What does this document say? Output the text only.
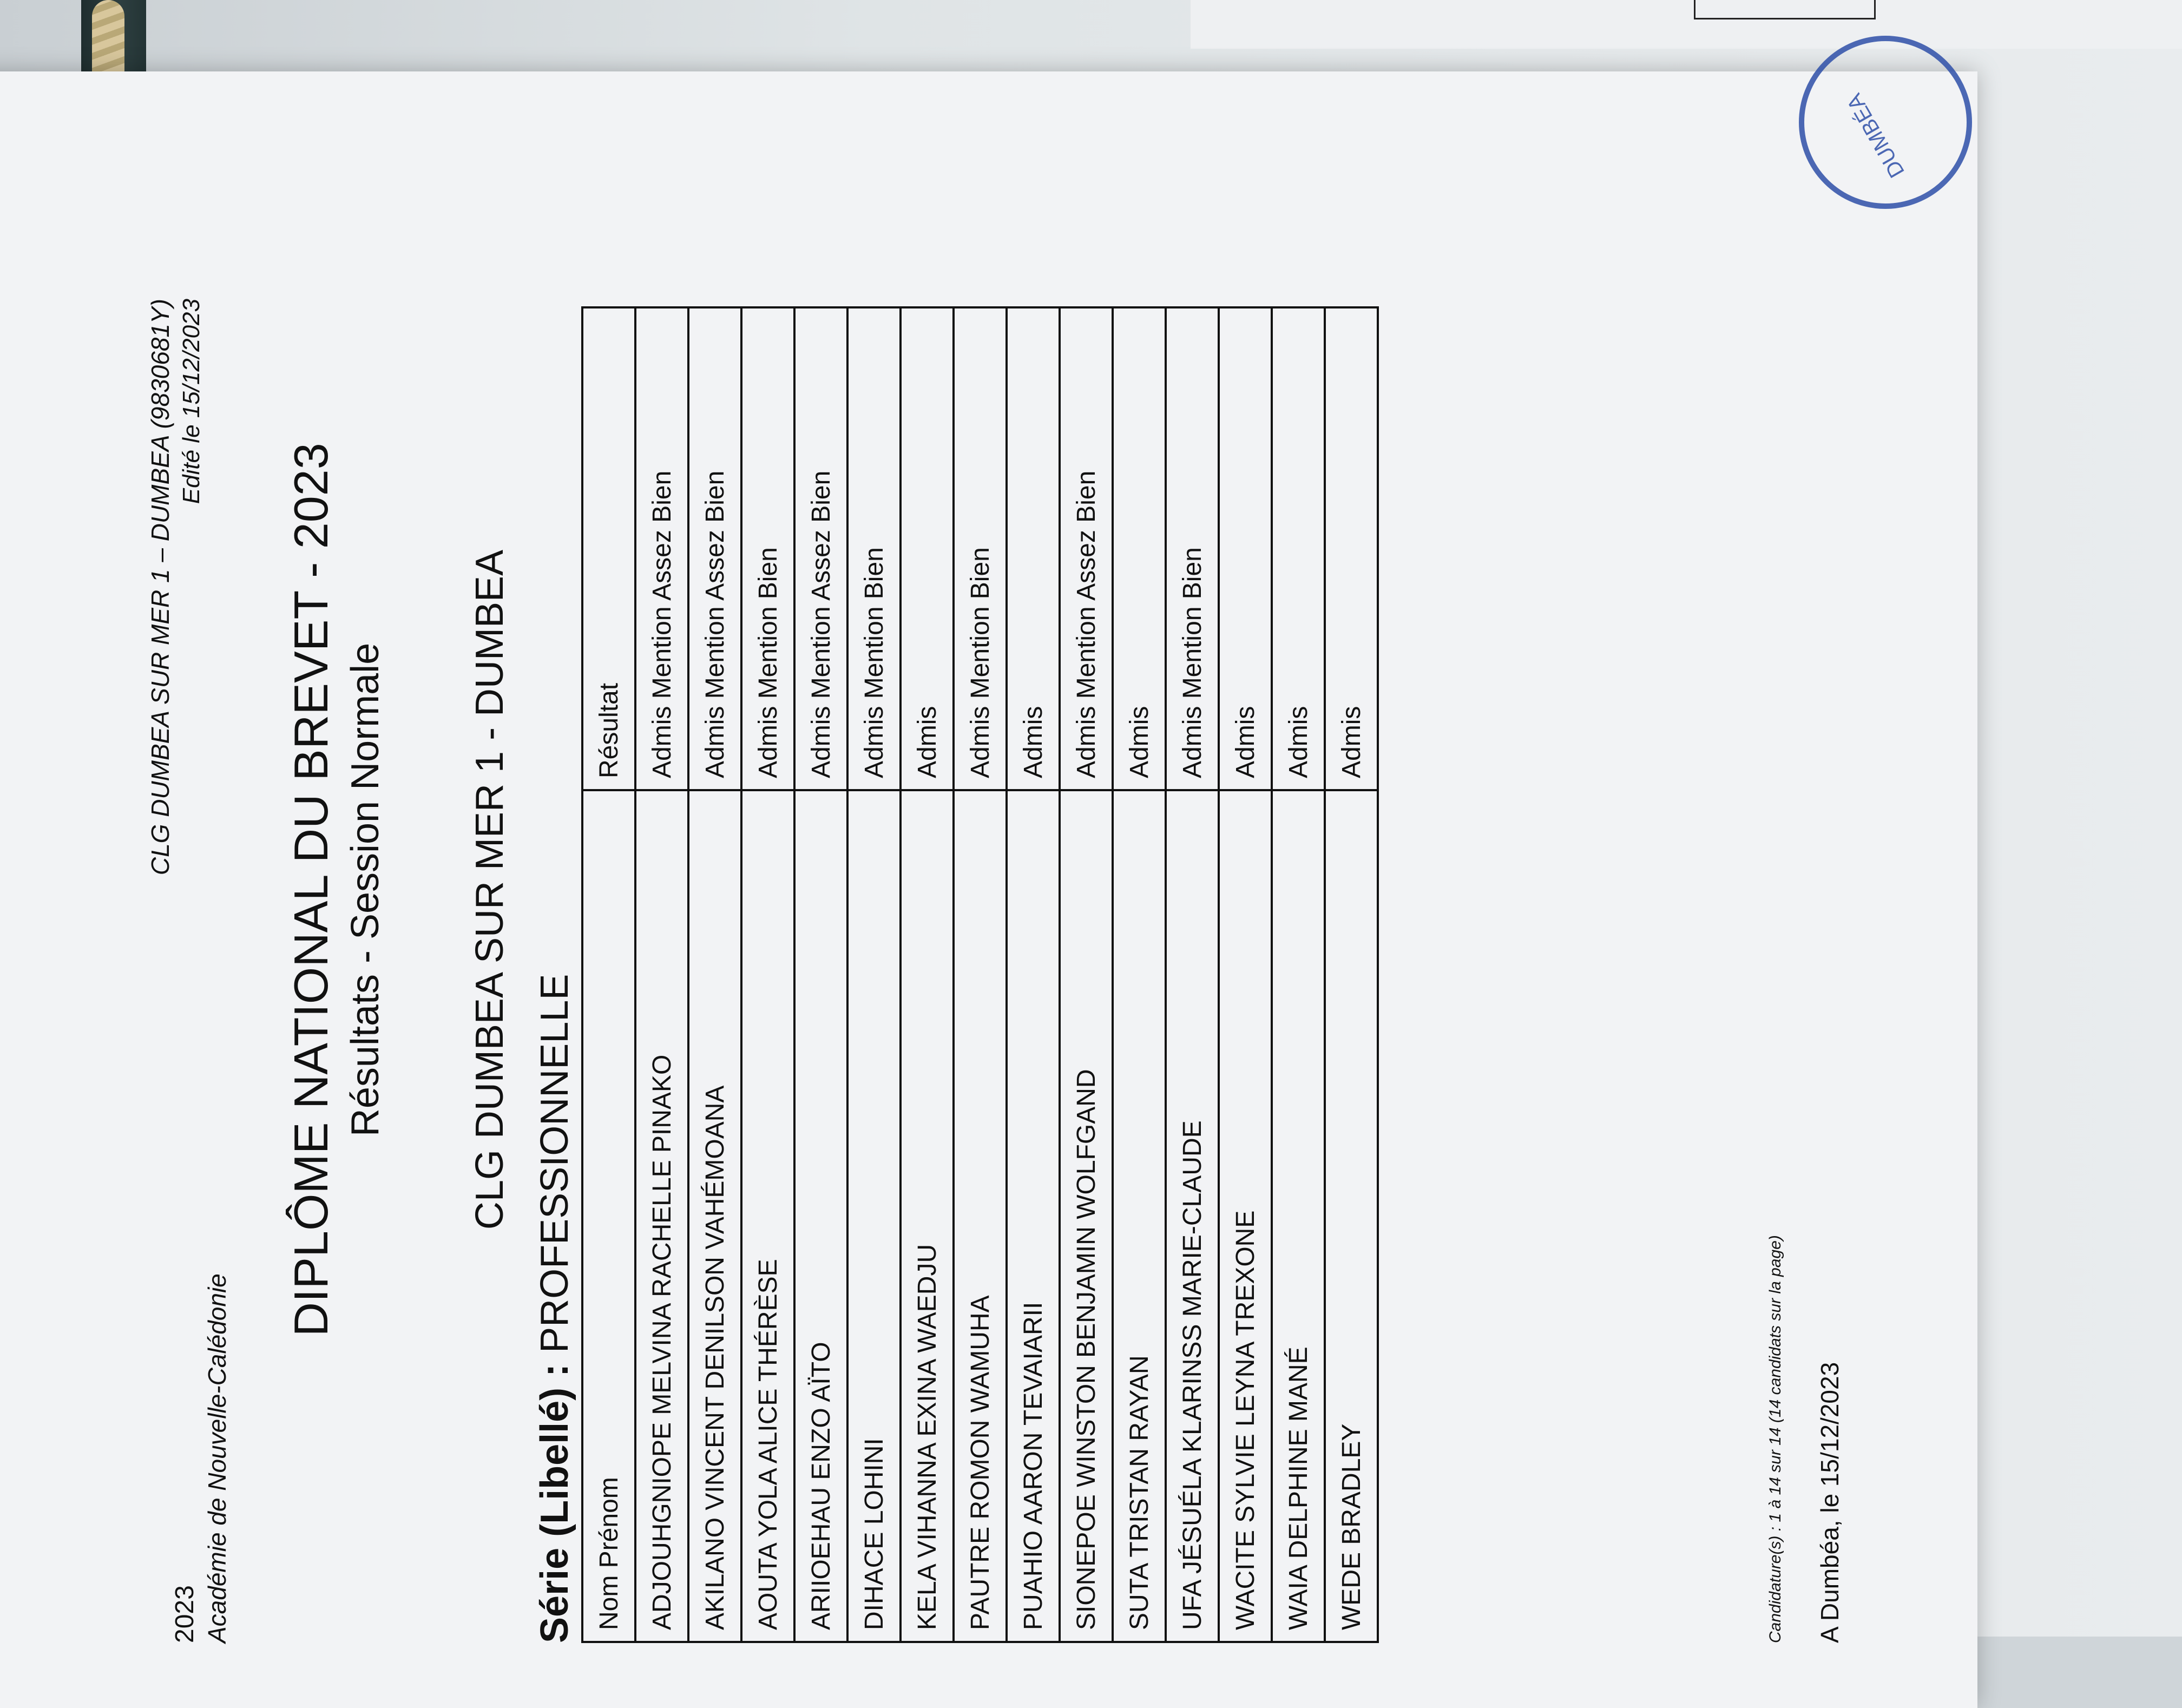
2023 Académie de Nouvelle-Calédonie
CLG DUMBEA SUR MER 1 – DUMBEA (9830681Y) Edité le 15/12/2023
DIPLÔME NATIONAL DU BREVET - 2023 Résultats - Session Normale CLG DUMBEA SUR MER 1 - DUMBEA
Série (Libellé) : PROFESSIONNELLE
Nom Prénom	Résultat
ADJOUHGNIOPE MELVINA RACHELLE PINAKO	Admis Mention Assez Bien
AKILANO VINCENT DENILSON VAHÉMOANA	Admis Mention Assez Bien
AOUTA YOLA ALICE THÉRÈSE	Admis Mention Bien
ARIIOEHAU ENZO AÏTO	Admis Mention Assez Bien
DIHACE LOHINI	Admis Mention Bien
KELA VIHANNA EXINA WAEDJU	Admis
PAUTRE ROMON WAMUHA	Admis Mention Bien
PUAHIO AARON TEVAIARII	Admis
SIONEPOE WINSTON BENJAMIN WOLFGAND	Admis Mention Assez Bien
SUTA TRISTAN RAYAN	Admis
UFA JÉSUÉLA KLARINSS MARIE-CLAUDE	Admis Mention Bien
WACITE SYLVIE LEYNA TREXONE	Admis
WAIA DELPHINE MANÉ	Admis
WEDE BRADLEY	Admis
Candidature(s) : 1 à 14 sur 14 (14 candidats sur la page) A Dumbéa, le 15/12/2023
DUMBÉA
